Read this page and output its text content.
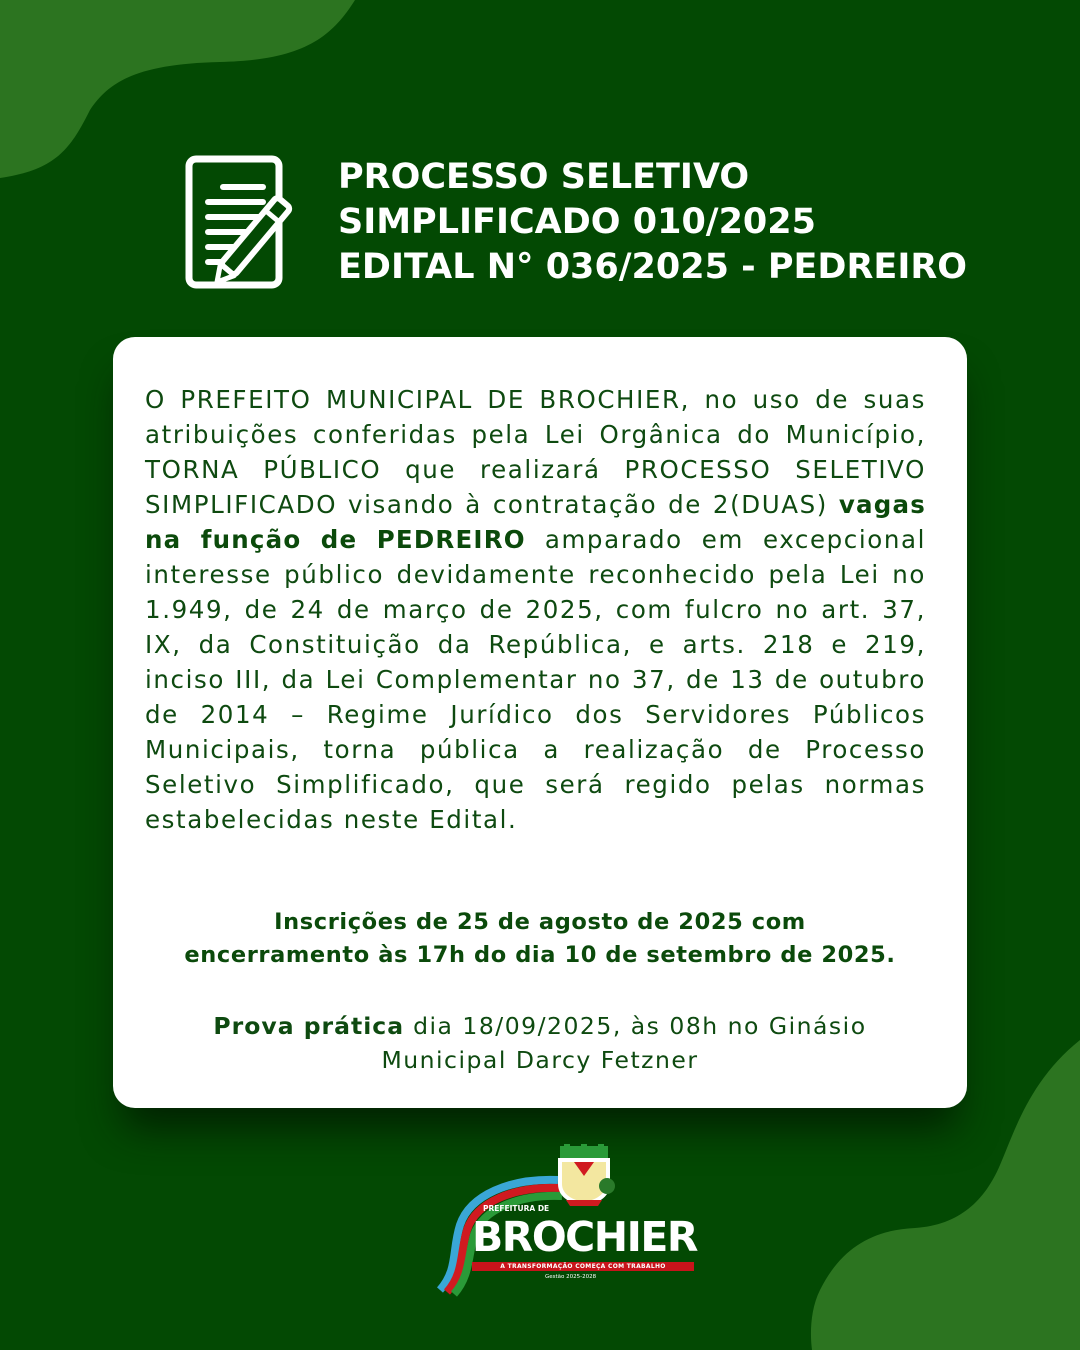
PROCESSO SELETIVO
SIMPLIFICADO 010/2025
EDITAL N° 036/2025 - PEDREIRO

O PREFEITO MUNICIPAL DE BROCHIER, no uso de suas atribuições conferidas pela Lei Orgânica do Município, TORNA PÚBLICO que realizará PROCESSO SELETIVO SIMPLIFICADO visando à contratação de 2(DUAS) vagas na função de PEDREIRO amparado em excepcional interesse público devidamente reconhecido pela Lei no 1.949, de 24 de março de 2025, com fulcro no art. 37, IX, da Constituição da República, e arts. 218 e 219, inciso III, da Lei Complementar no 37, de 13 de outubro de 2014 – Regime Jurídico dos Servidores Públicos Municipais, torna pública a realização de Processo Seletivo Simplificado, que será regido pelas normas estabelecidas neste Edital.

Inscrições de 25 de agosto de 2025 com
encerramento às 17h do dia 10 de setembro de 2025.
Prova prática dia 18/09/2025, às 08h no Ginásio
Municipal Darcy Fetzner
PREFEITURA DE
BROCHIER
A TRANSFORMAÇÃO COMEÇA COM TRABALHO
Gestão 2025-2028
